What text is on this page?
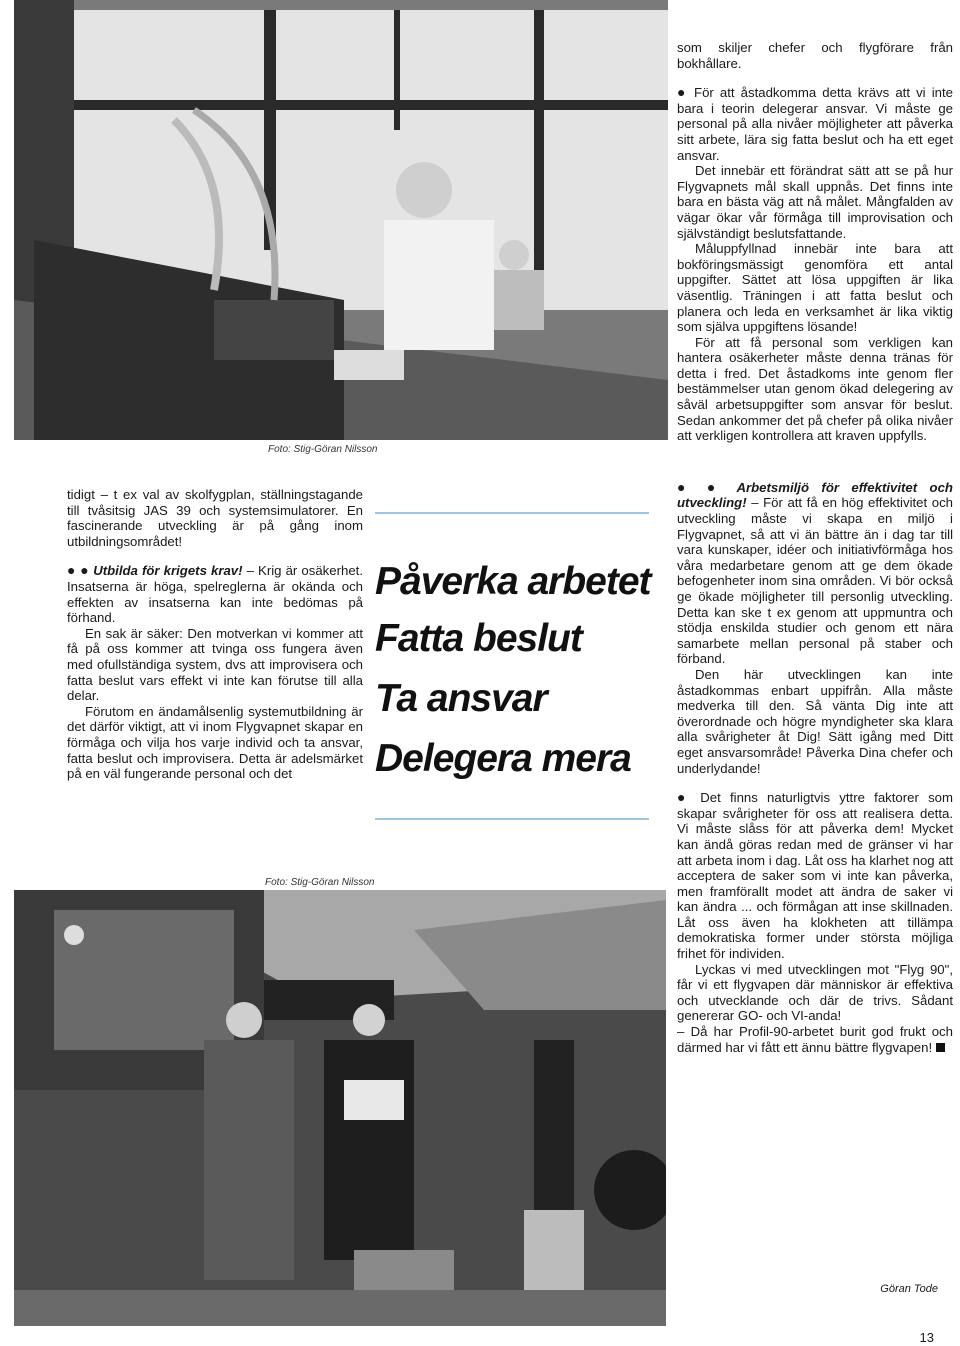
Foto: Stig-Göran Nilsson
Foto: Stig-Göran Nilsson

tidigt – t ex val av skolfygplan, ställningstagande till tvåsitsig JAS 39 och systemsimulatorer. En fascinerande utveckling är på gång inom utbildningsområdet!

● ● Utbilda för krigets krav! – Krig är osäkerhet. Insatserna är höga, spelreglerna är okända och effekten av insatserna kan inte bedömas på förhand.

En sak är säker: Den motverkan vi kommer att få på oss kommer att tvinga oss fungera även med ofullständiga system, dvs att improvisera och fatta beslut vars effekt vi inte kan förutse till alla delar.

Förutom en ändamålsenlig systemutbildning är det därför viktigt, att vi inom Flygvapnet skapar en förmåga och vilja hos varje individ och ta ansvar, fatta beslut och improvisera. Detta är adelsmärket på en väl fungerande personal och det

Påverka arbetet
Fatta beslut
Ta ansvar
Delegera mera

som skiljer chefer och flygförare från bokhållare.

● För att åstadkomma detta krävs att vi inte bara i teorin delegerar ansvar. Vi måste ge personal på alla nivåer möjligheter att påverka sitt arbete, lära sig fatta beslut och ha ett eget ansvar.

Det innebär ett förändrat sätt att se på hur Flygvapnets mål skall uppnås. Det finns inte bara en bästa väg att nå målet. Mångfalden av vägar ökar vår förmåga till improvisation och självständigt beslutsfattande.

Måluppfyllnad innebär inte bara att bokföringsmässigt genomföra ett antal uppgifter. Sättet att lösa uppgiften är lika väsentlig. Träningen i att fatta beslut och planera och leda en verksamhet är lika viktig som själva uppgiftens lösande!

För att få personal som verkligen kan hantera osäkerheter måste denna tränas för detta i fred. Det åstadkoms inte genom fler bestämmelser utan genom ökad delegering av såväl arbetsuppgifter som ansvar för beslut. Sedan ankommer det på chefer på olika nivåer att verkligen kontrollera att kraven uppfylls.

● ● Arbetsmiljö för effektivitet och utveckling! – För att få en hög effektivitet och utveckling måste vi skapa en miljö i Flygvapnet, så att vi än bättre än i dag tar till vara kunskaper, idéer och initiativförmåga hos våra medarbetare genom att ge dem ökade befogenheter inom sina områden. Vi bör också ge ökade möjligheter till personlig utveckling. Detta kan ske t ex genom att uppmuntra och stödja enskilda studier och genom ett nära samarbete mellan personal på staber och förband.

Den här utvecklingen kan inte åstadkommas enbart uppifrån. Alla måste medverka till den. Så vänta Dig inte att överordnade och högre myndigheter ska klara alla svårigheter åt Dig! Sätt igång med Ditt eget ansvarsområde! Påverka Dina chefer och underlydande!

● Det finns naturligtvis yttre faktorer som skapar svårigheter för oss att realisera detta. Vi måste slåss för att påverka dem! Mycket kan ändå göras redan med de gränser vi har att arbeta inom i dag. Låt oss ha klarhet nog att acceptera de saker som vi inte kan påverka, men framförallt modet att ändra de saker vi kan ändra ... och förmågan att inse skillnaden. Låt oss även ha klokheten att tillämpa demokratiska former under största möjliga frihet för individen.

Lyckas vi med utvecklingen mot "Flyg 90", får vi ett flygvapen där människor är effektiva och utvecklande och där de trivs. Sådant genererar GO- och VI-anda!

– Då har Profil-90-arbetet burit god frukt och därmed har vi fått ett ännu bättre flygvapen!

Göran Tode
13
